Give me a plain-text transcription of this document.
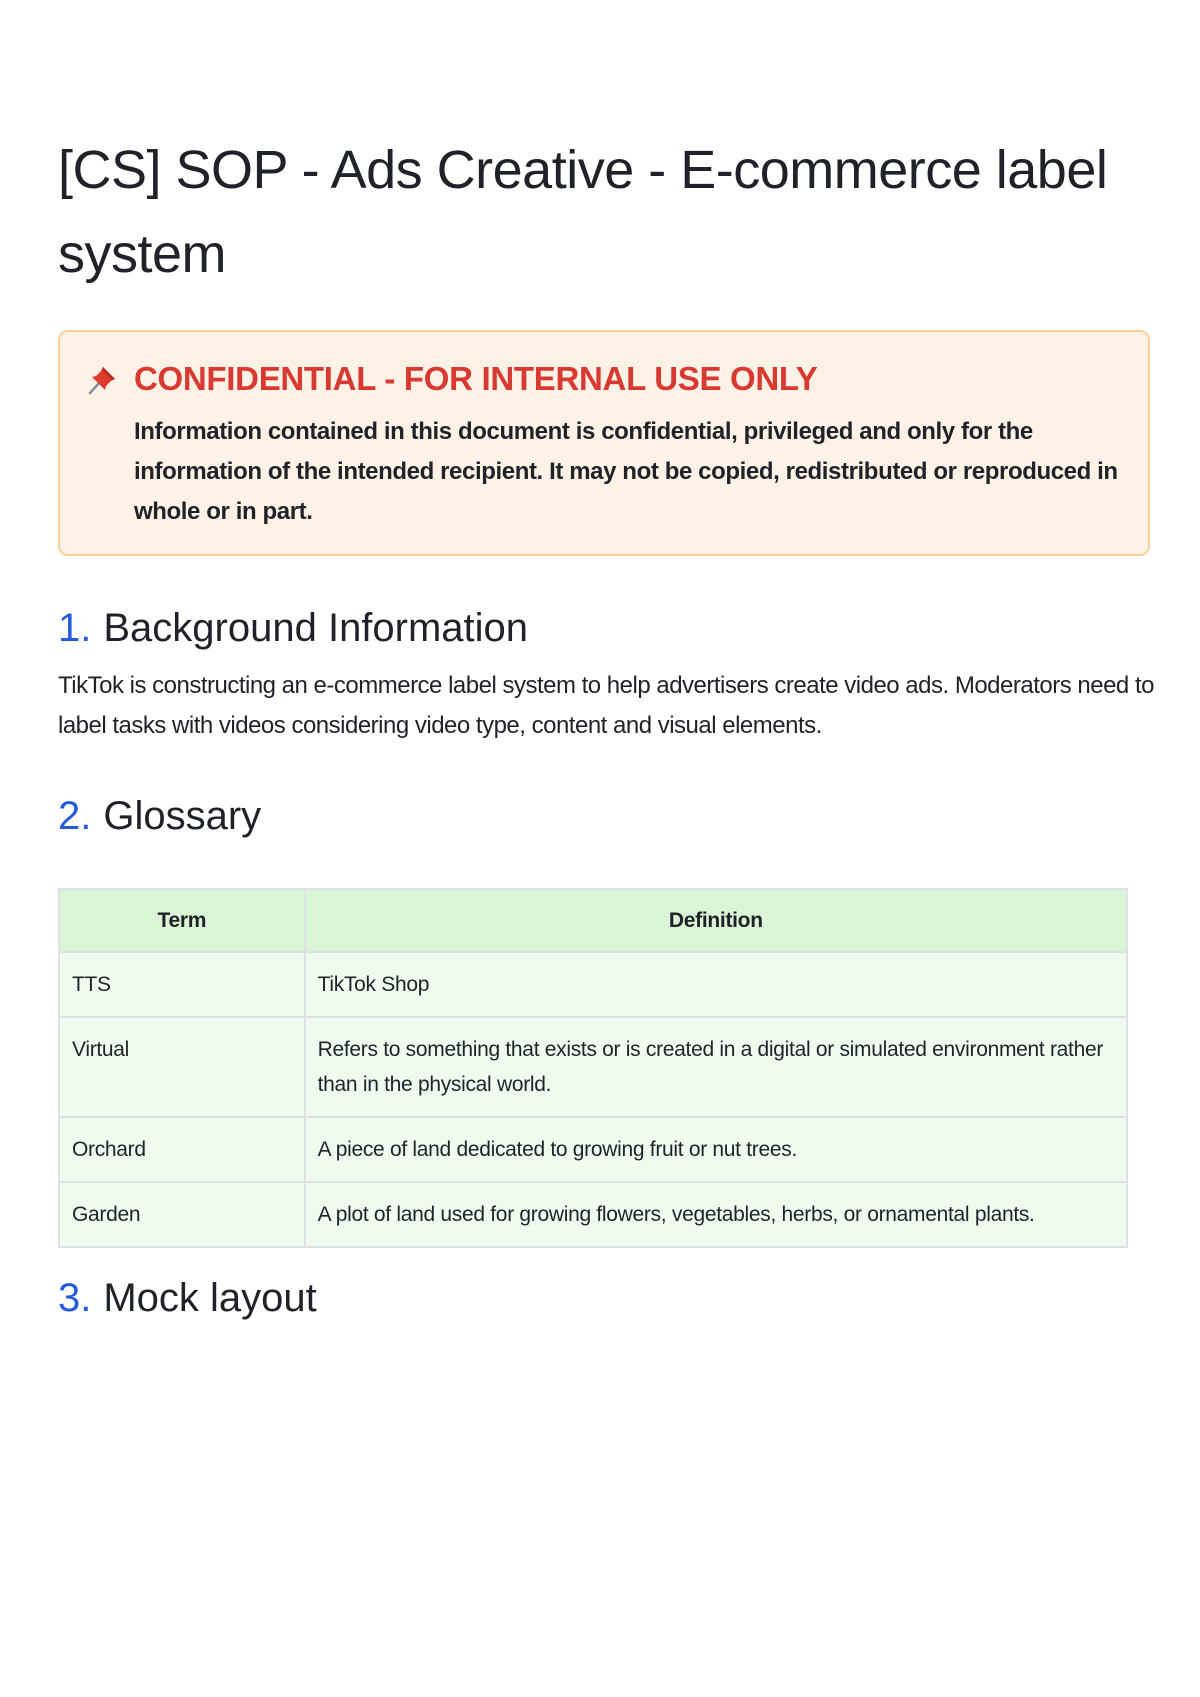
[CS] SOP - Ads Creative - E-commerce label system
CONFIDENTIAL - FOR INTERNAL USE ONLY

Information contained in this document is confidential, privileged and only for the information of the intended recipient. It may not be copied, redistributed or reproduced in whole or in part.

1. Background Information

TikTok is constructing an e-commerce label system to help advertisers create video ads. Moderators need to label tasks with videos considering video type, content and visual elements.

2. Glossary
Term	Definition
TTS	TikTok Shop
Virtual	Refers to something that exists or is created in a digital or simulated environment rather than in the physical world.
Orchard	A piece of land dedicated to growing fruit or nut trees.
Garden	A plot of land used for growing flowers, vegetables, herbs, or ornamental plants.
3. Mock layout
